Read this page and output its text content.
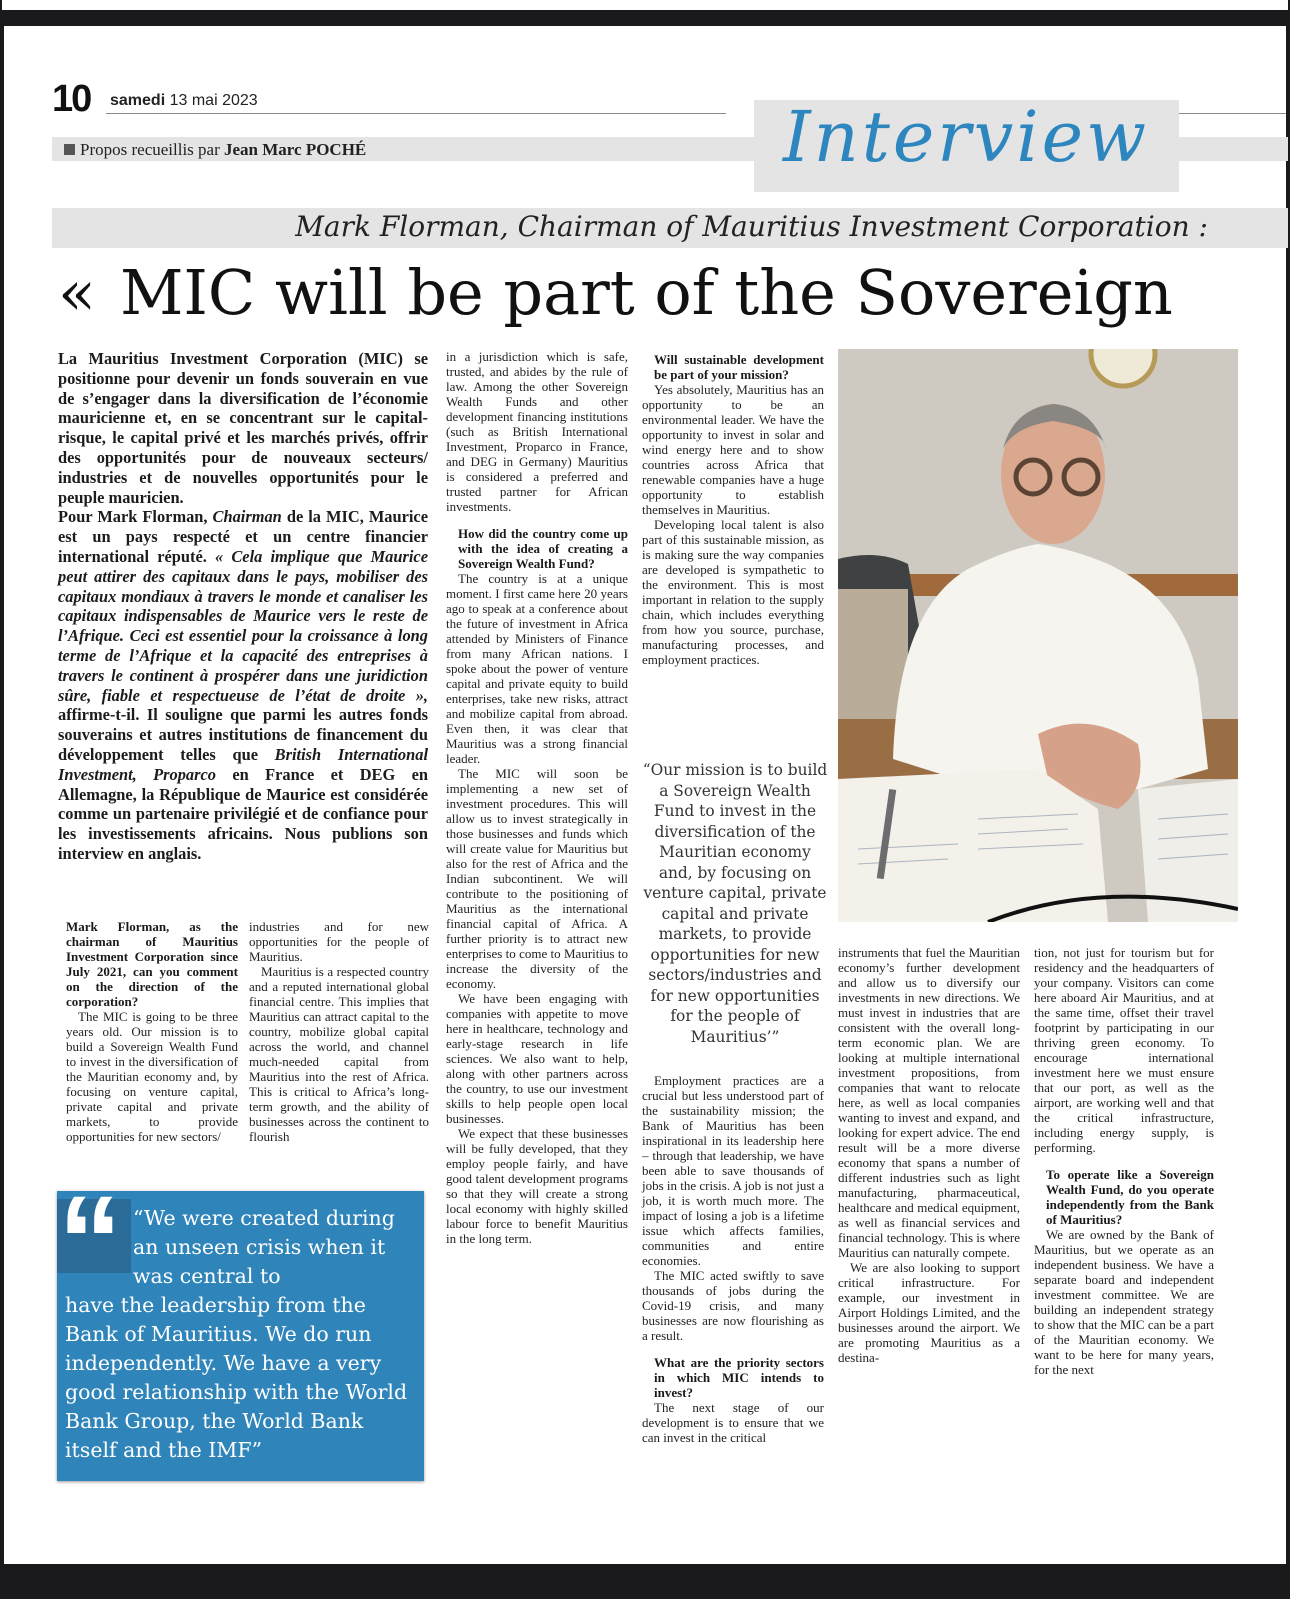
10 samedi 13 mai 2023	Interview
Propos recueillis par Jean Marc POCHÉ
Mark Florman, Chairman of Mauritius Investment Corporation :
« MIC will be part of the Sovereign

La Mauritius Investment Corporation (MIC) se positionne pour devenir un fonds souverain en vue de s’engager dans la diversification de l’économie mauricienne et, en se concentrant sur le capital-risque, le capital privé et les marchés privés, offrir des opportunités pour de nouveaux secteurs/ industries et de nouvelles opportunités pour le peuple mauricien.

Pour Mark Florman, Chairman de la MIC, Maurice est un pays respecté et un centre financier international réputé. « Cela implique que Maurice peut attirer des capitaux dans le pays, mobiliser des capitaux mondiaux à travers le monde et canaliser les capitaux indispensables de Maurice vers le reste de l’Afrique. Ceci est essentiel pour la croissance à long terme de l’Afrique et la capacité des entreprises à travers le continent à prospérer dans une juridiction sûre, fiable et respectueuse de l’état de droite », affirme-t-il. Il souligne que parmi les autres fonds souverains et autres institutions de financement du développement telles que British International Investment, Proparco en France et DEG en Allemagne, la République de Maurice est considérée comme un partenaire privilégié et de confiance pour les investissements africains. Nous publions son interview en anglais.

Mark Florman, as the chairman of Mauritius Investment Corporation since July 2021, can you comment on the direction of the corporation?

The MIC is going to be three years old. Our mission is to build a Sovereign Wealth Fund to invest in the diversification of the Mauritian economy and, by focusing on venture capital, private capital and private markets, to provide opportunities for new sectors/

industries and for new opportunities for the people of Mauritius.

Mauritius is a respected country and a reputed international global financial centre. This implies that Mauritius can attract capital to the country, mobilize global capital across the world, and channel much-needed capital from Mauritius into the rest of Africa. This is critical to Africa’s long-term growth, and the ability of businesses across the continent to flourish

in a jurisdiction which is safe, trusted, and abides by the rule of law. Among the other Sovereign Wealth Funds and other development financing institutions (such as British International Investment, Proparco in France, and DEG in Germany) Mauritius is considered a preferred and trusted partner for African investments.

How did the country come up with the idea of creating a Sovereign Wealth Fund?

The country is at a unique moment. I first came here 20 years ago to speak at a conference about the future of investment in Africa attended by Ministers of Finance from many African nations. I spoke about the power of venture capital and private equity to build enterprises, take new risks, attract and mobilize capital from abroad. Even then, it was clear that Mauritius was a strong financial leader.

The MIC will soon be implementing a new set of investment procedures. This will allow us to invest strategically in those businesses and funds which will create value for Mauritius but also for the rest of Africa and the Indian subcontinent. We will contribute to the positioning of Mauritius as the international financial capital of Africa. A further priority is to attract new enterprises to come to Mauritius to increase the diversity of the economy.

We have been engaging with companies with appetite to move here in healthcare, technology and early-stage research in life sciences. We also want to help, along with other partners across the country, to use our investment skills to help people open local businesses.

We expect that these businesses will be fully developed, that they employ people fairly, and have good talent development programs so that they will create a strong local economy with highly skilled labour force to benefit Mauritius in the long term.

Will sustainable development be part of your mission?

Yes absolutely, Mauritius has an opportunity to be an environmental leader. We have the opportunity to invest in solar and wind energy here and to show countries across Africa that renewable companies have a huge opportunity to establish themselves in Mauritius.

Developing local talent is also part of this sustainable mission, as is making sure the way companies are developed is sympathetic to the environment. This is most important in relation to the supply chain, which includes everything from how you source, purchase, manufacturing processes, and employment practices.

“Our mission is to build a Sovereign Wealth Fund to invest in the diversification of the Mauritian economy and, by focusing on venture capital, private capital and private markets, to provide opportunities for new sectors/industries and for new opportunities for the people of Mauritius’”

Employment practices are a crucial but less understood part of the sustainability mission; the Bank of Mauritius has been inspirational in its leadership here – through that leadership, we have been able to save thousands of jobs in the crisis. A job is not just a job, it is worth much more. The impact of losing a job is a lifetime issue which affects families, communities and entire economies.

The MIC acted swiftly to save thousands of jobs during the Covid-19 crisis, and many businesses are now flourishing as a result.

What are the priority sectors in which MIC intends to invest?

The next stage of our development is to ensure that we can invest in the critical

instruments that fuel the Mauritian economy’s further development and allow us to diversify our investments in new directions. We must invest in industries that are consistent with the overall long-term economic plan. We are looking at multiple international investment propositions, from companies that want to relocate here, as well as local companies wanting to invest and expand, and looking for expert advice. The end result will be a more diverse economy that spans a number of different industries such as light manufacturing, pharmaceutical, healthcare and medical equipment, as well as financial services and financial technology. This is where Mauritius can naturally compete.

We are also looking to support critical infrastructure. For example, our investment in Airport Holdings Limited, and the businesses around the airport. We are promoting Mauritius as a destina-

tion, not just for tourism but for residency and the headquarters of your company. Visitors can come here aboard Air Mauritius, and at the same time, offset their travel footprint by participating in our thriving green economy. To encourage international investment here we must ensure that our port, as well as the airport, are working well and that the critical infrastructure, including energy supply, is performing.

To operate like a Sovereign Wealth Fund, do you operate independently from the Bank of Mauritius?

We are owned by the Bank of Mauritius, but we operate as an independent business. We have a separate board and independent investment committee. We are building an independent strategy to show that the MIC can be a part of the Mauritian economy. We want to be here for many years, for the next

“ “We were created during an unseen crisis when it was central to
have the leadership from the Bank of Mauritius. We do run independently. We have a very good relationship with the World Bank Group, the World Bank itself and the IMF”
